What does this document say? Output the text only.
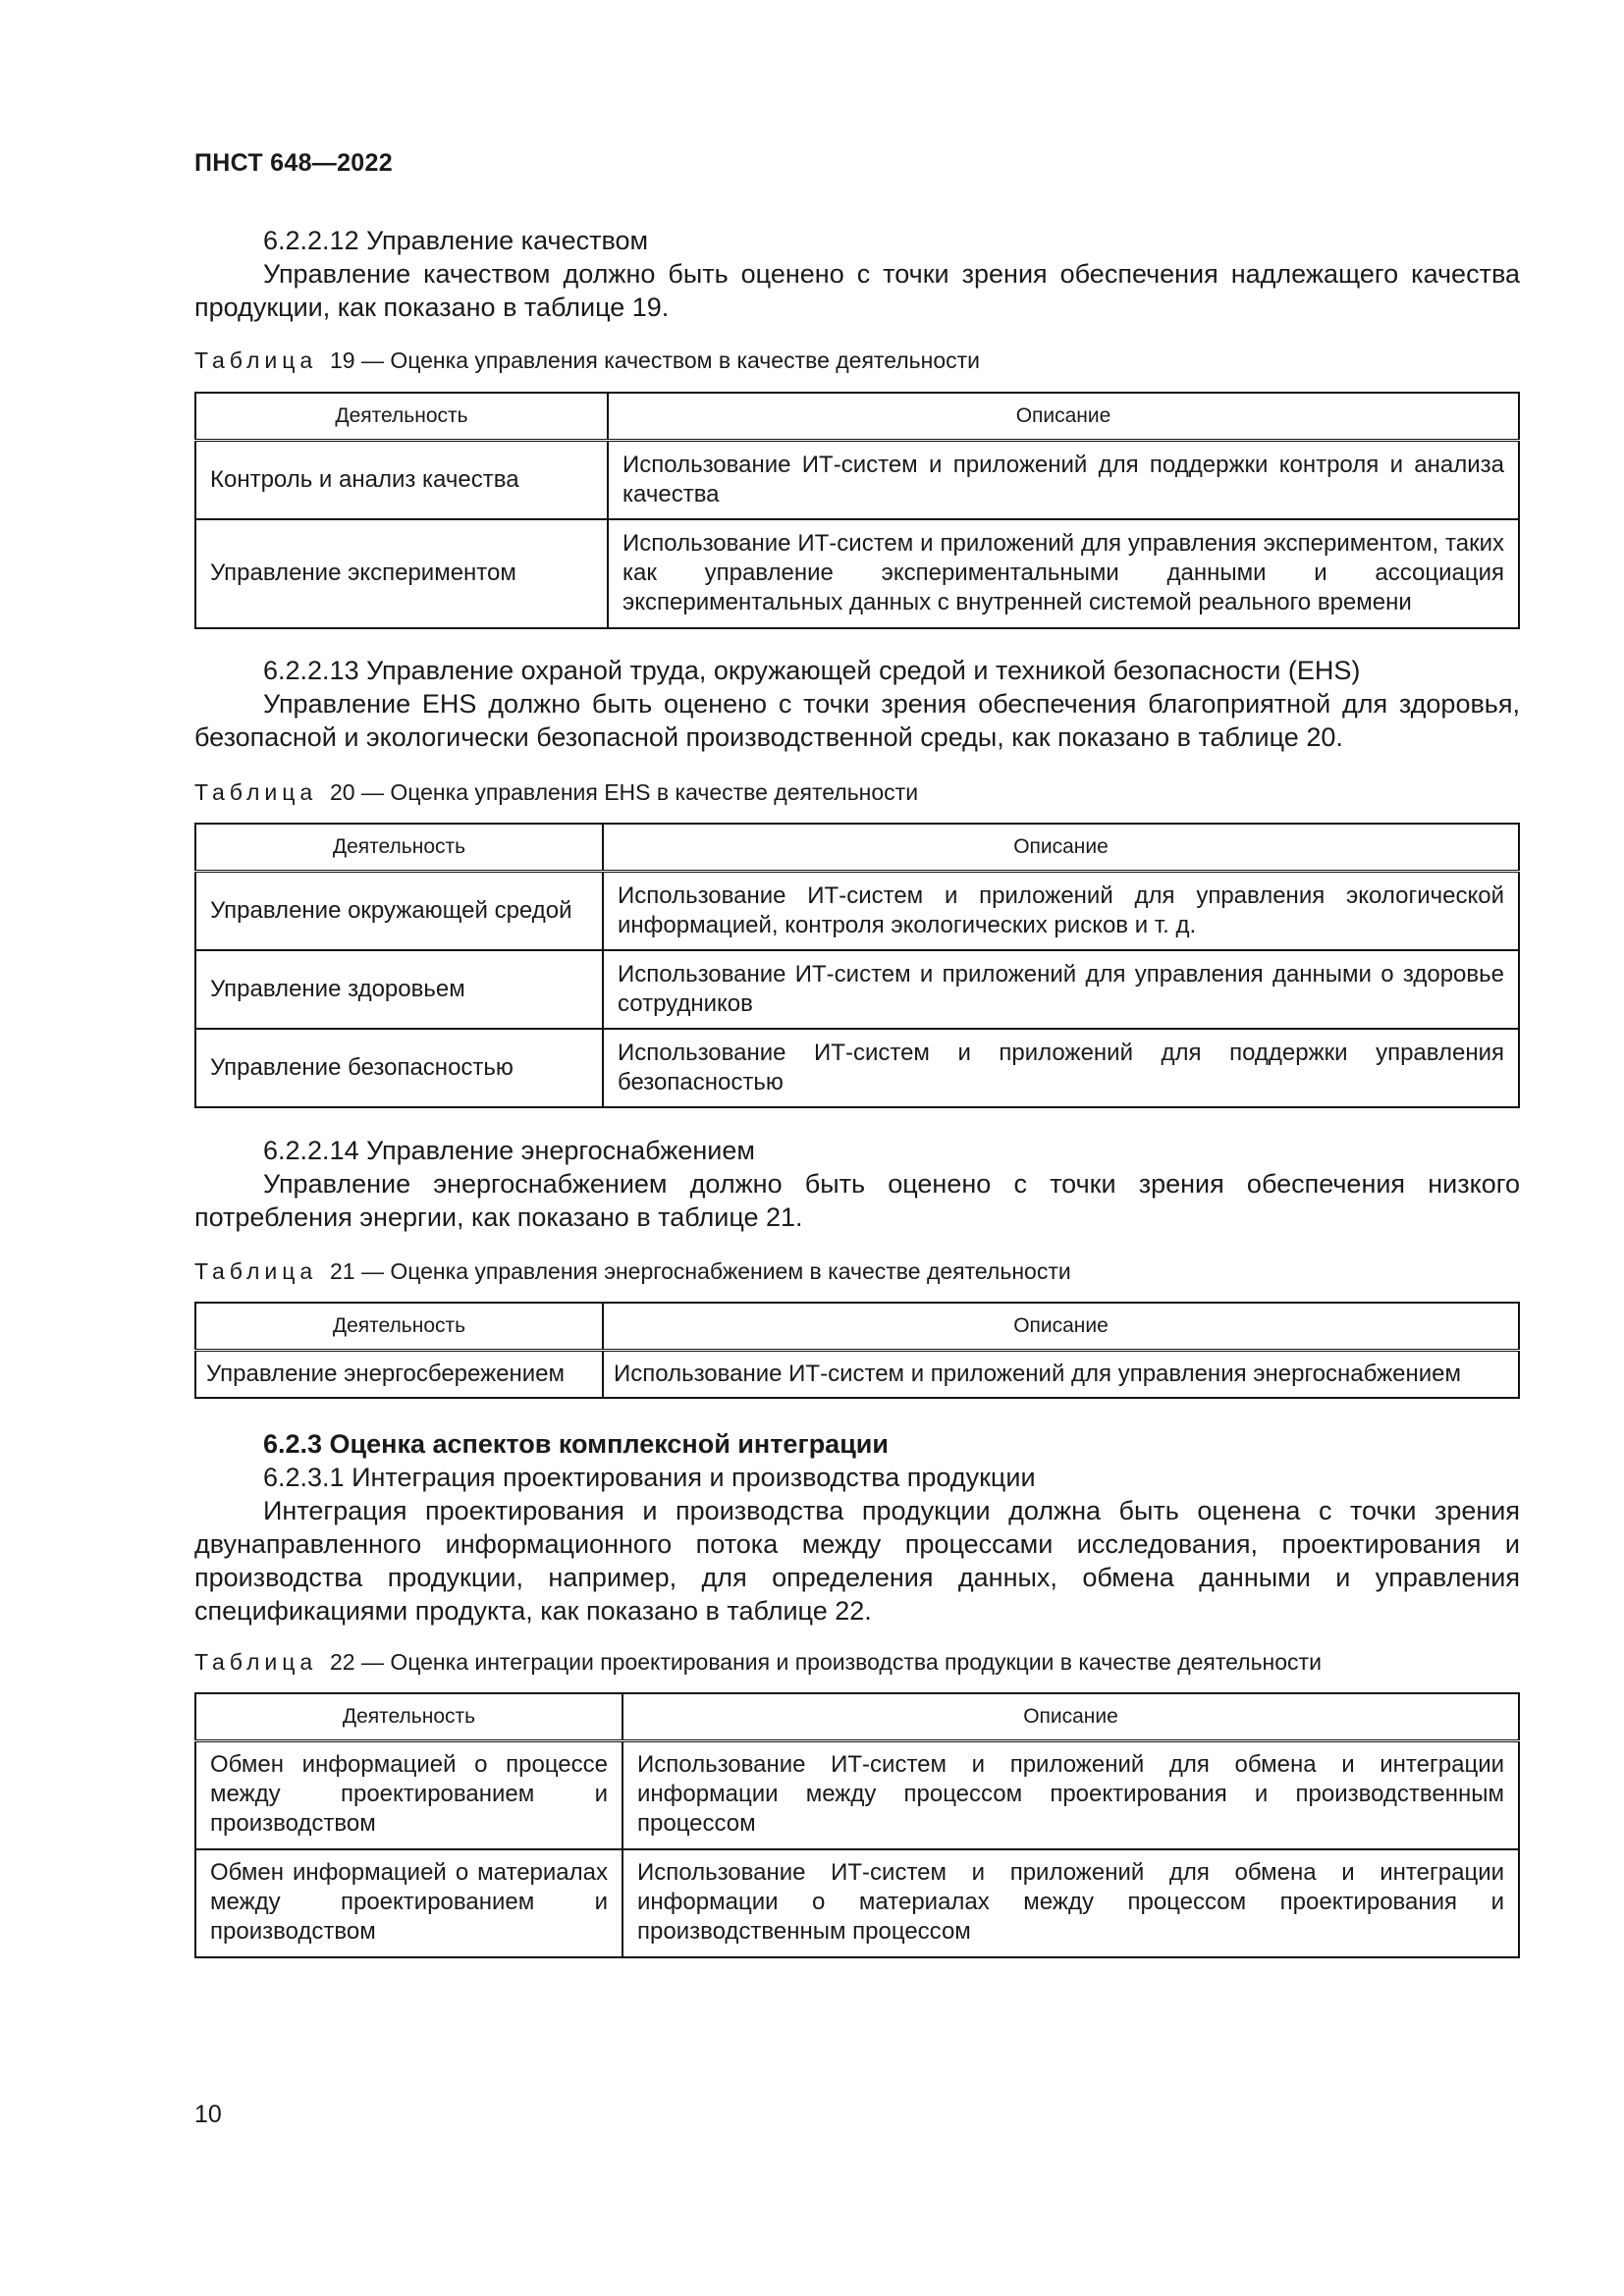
ПНСТ 648—2022
6.2.2.12 Управление качеством
Управление качеством должно быть оценено с точки зрения обеспечения надлежащего качества продукции, как показано в таблице 19.
Таблица 19 — Оценка управления качеством в качестве деятельности
Деятельность	Описание
Контроль и анализ качества	Использование ИТ-систем и приложений для поддержки контроля и анализа качества
Управление экспериментом	Использование ИТ-систем и приложений для управления экспериментом, таких как управление экспериментальными данными и ассоциация экспериментальных данных с внутренней системой реального времени
6.2.2.13 Управление охраной труда, окружающей средой и техникой безопасности (EHS)
Управление EHS должно быть оценено с точки зрения обеспечения благоприятной для здоровья, безопасной и экологически безопасной производственной среды, как показано в таблице 20.
Таблица 20 — Оценка управления EHS в качестве деятельности
Деятельность	Описание
Управление окружающей средой	Использование ИТ-систем и приложений для управления экологической информацией, контроля экологических рисков и т. д.
Управление здоровьем	Использование ИТ-систем и приложений для управления данными о здоровье сотрудников
Управление безопасностью	Использование ИТ-систем и приложений для поддержки управления безопасностью
6.2.2.14 Управление энергоснабжением
Управление энергоснабжением должно быть оценено с точки зрения обеспечения низкого потребления энергии, как показано в таблице 21.
Таблица 21 — Оценка управления энергоснабжением в качестве деятельности
Деятельность	Описание
Управление энергосбережением	Использование ИТ-систем и приложений для управления энергоснабжением
6.2.3 Оценка аспектов комплексной интеграции
6.2.3.1 Интеграция проектирования и производства продукции
Интеграция проектирования и производства продукции должна быть оценена с точки зрения двунаправленного информационного потока между процессами исследования, проектирования и производства продукции, например, для определения данных, обмена данными и управления спецификациями продукта, как показано в таблице 22.
Таблица 22 — Оценка интеграции проектирования и производства продукции в качестве деятельности
Деятельность	Описание
Обмен информацией о процессе между проектированием и производством	Использование ИТ-систем и приложений для обмена и интеграции информации между процессом проектирования и производственным процессом
Обмен информацией о материалах между проектированием и производством	Использование ИТ-систем и приложений для обмена и интеграции информации о материалах между процессом проектирования и производственным процессом
10
